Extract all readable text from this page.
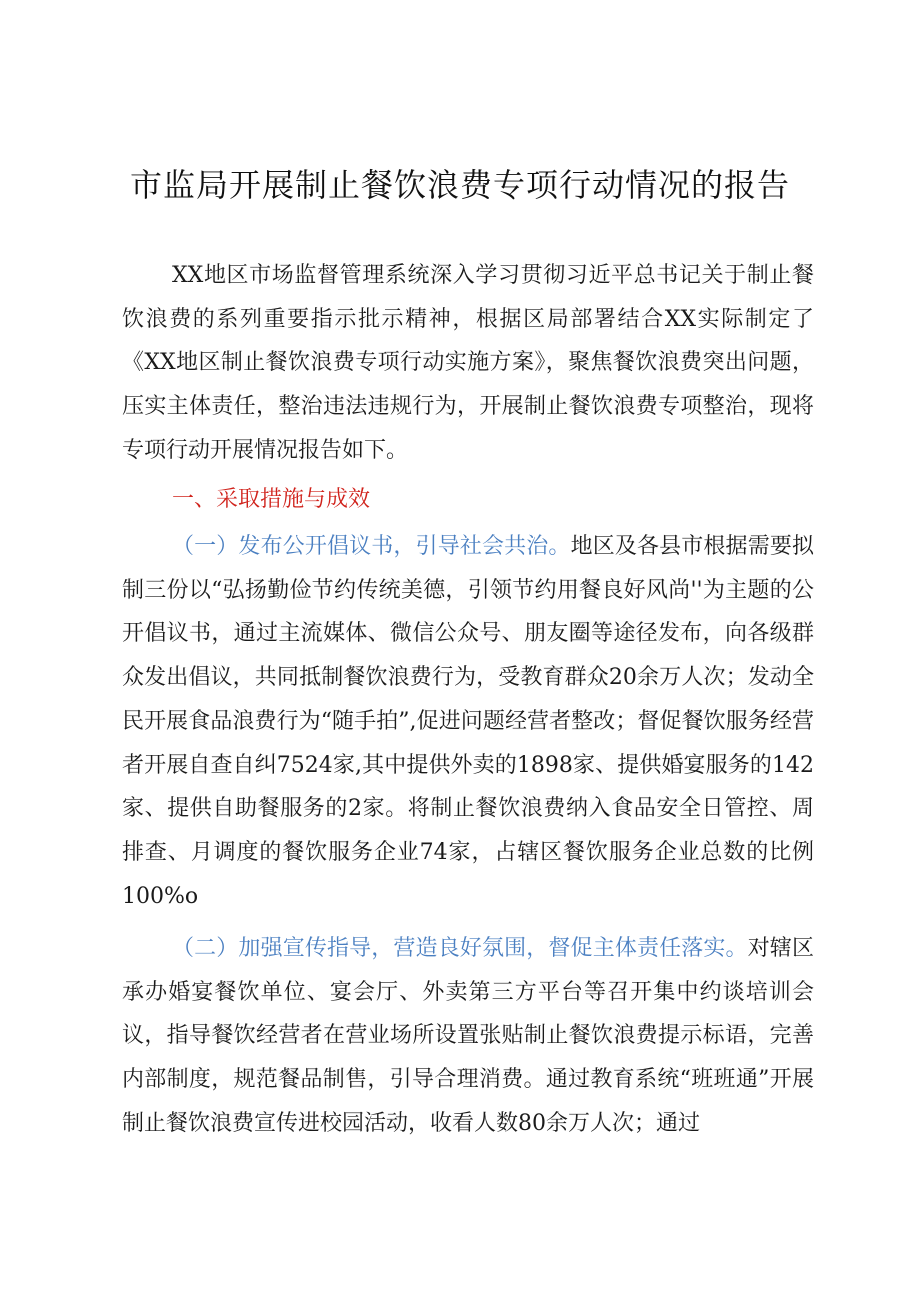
市监局开展制止餐饮浪费专项行动情况的报告

XX地区市场监督管理系统深入学习贯彻习近平总书记关于制止餐饮浪费的系列重要指示批示精神，根据区局部署结合XX实际制定了《XX地区制止餐饮浪费专项行动实施方案》，聚焦餐饮浪费突出问题，压实主体责任，整治违法违规行为，开展制止餐饮浪费专项整治，现将专项行动开展情况报告如下。

一、采取措施与成效

（一）发布公开倡议书，引导社会共治。地区及各县市根据需要拟制三份以“弘扬勤俭节约传统美德，引领节约用餐良好风尚''为主题的公开倡议书，通过主流媒体、微信公众号、朋友圈等途径发布，向各级群众发出倡议，共同抵制餐饮浪费行为，受教育群众20余万人次；发动全民开展食品浪费行为“随手拍”,促进问题经营者整改；督促餐饮服务经营者开展自查自纠7524家,其中提供外卖的1898家、提供婚宴服务的142家、提供自助餐服务的2家。将制止餐饮浪费纳入食品安全日管控、周排查、月调度的餐饮服务企业74家，占辖区餐饮服务企业总数的比例100%o

（二）加强宣传指导，营造良好氛围，督促主体责任落实。对辖区承办婚宴餐饮单位、宴会厅、外卖第三方平台等召开集中约谈培训会议，指导餐饮经营者在营业场所设置张贴制止餐饮浪费提示标语，完善内部制度，规范餐品制售，引导合理消费。通过教育系统“班班通”开展制止餐饮浪费宣传进校园活动，收看人数80余万人次；通过
